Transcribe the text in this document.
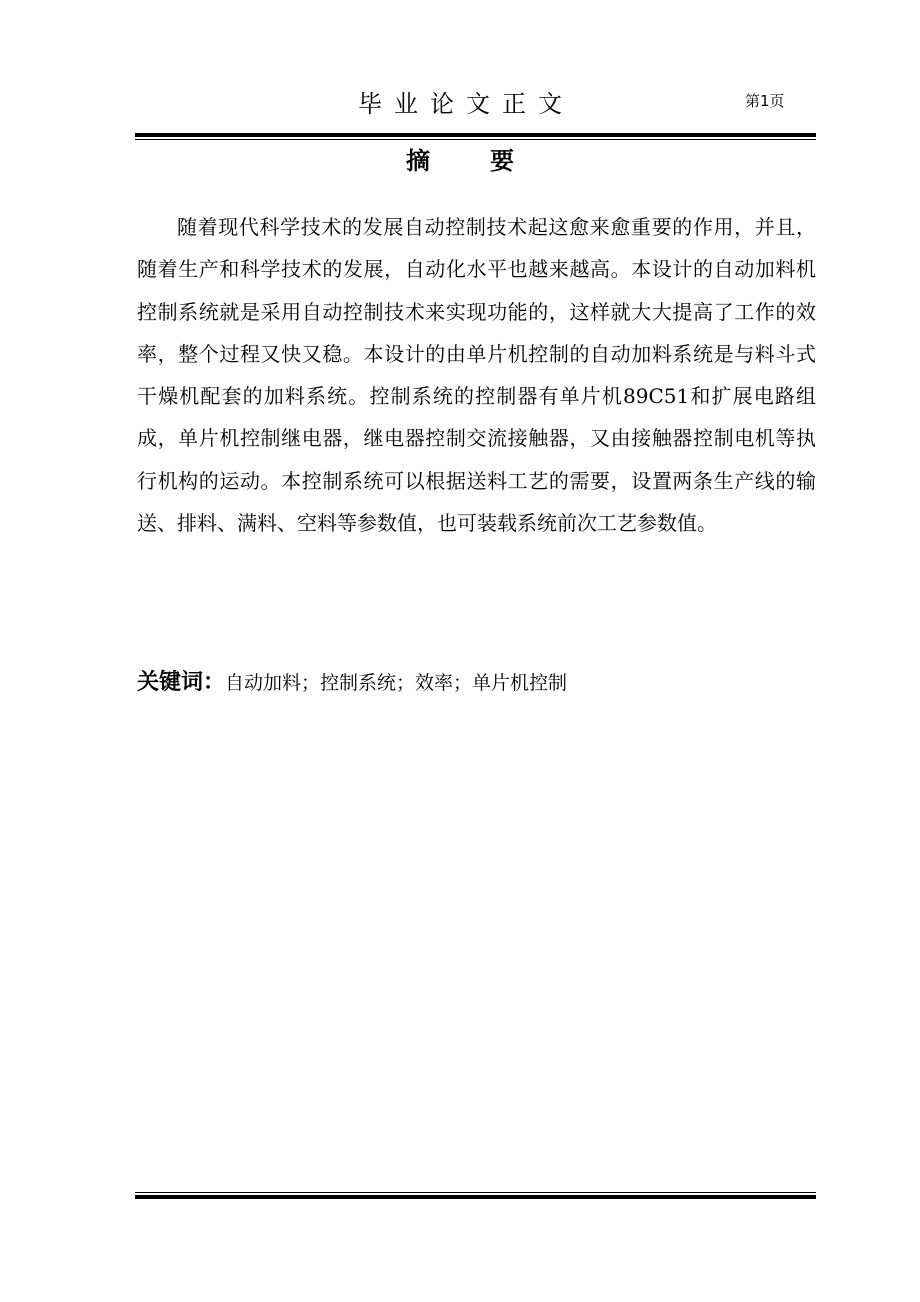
毕业论文正文	第1页
摘要

随着现代科学技术的发展自动控制技术起这愈来愈重要的作用，并且，随着生产和科学技术的发展，自动化水平也越来越高。本设计的自动加料机控制系统就是采用自动控制技术来实现功能的，这样就大大提高了工作的效率，整个过程又快又稳。本设计的由单片机控制的自动加料系统是与料斗式干燥机配套的加料系统。控制系统的控制器有单片机89C51和扩展电路组成，单片机控制继电器，继电器控制交流接触器，又由接触器控制电机等执行机构的运动。本控制系统可以根据送料工艺的需要，设置两条生产线的输送、排料、满料、空料等参数值，也可装载系统前次工艺参数值。

关键词：自动加料；控制系统；效率；单片机控制
